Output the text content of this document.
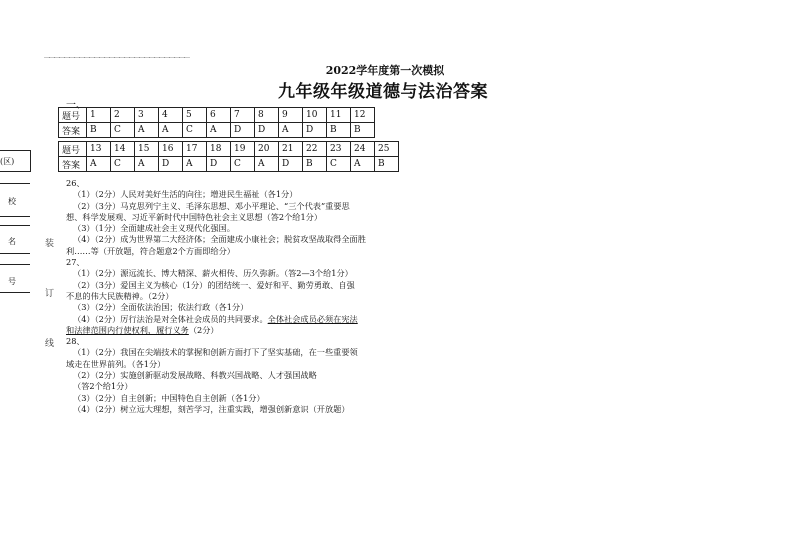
……………………………………………………………………………
装
订
线
(区)
校
名
号
2022学年度第一次模拟
九年级年级道德与法治答案
一、
题号	1	2	3	4	5	6	7	8	9	10	11	12
答案	B	C	A	A	C	A	D	D	A	D	B	B
题号	13	14	15	16	17	18	19	20	21	22	23	24	25
答案	A	C	A	D	A	D	C	A	D	B	C	A	B
26、
（1）（2分）人民对美好生活的向往；增进民生福祉（各1分）
（2）（3分）马克思列宁主义、毛泽东思想、邓小平理论、“三个代表”重要思
想、科学发展观、习近平新时代中国特色社会主义思想（答2个给1分）
（3）（1分）全面建成社会主义现代化强国。
（4）（2分）成为世界第二大经济体；全面建成小康社会；脱贫攻坚战取得全面胜
利……等（开放题，符合题意2个方面即给分）
27、
（1）（2分）源远流长、博大精深、薪火相传、历久弥新。（答2—3个给1分）
（2）（3分）爱国主义为核心（1分）的团结统一、爱好和平、勤劳勇敢、自强
不息的伟大民族精神。（2分）
（3）（2分）全面依法治国；依法行政（各1分）
（4）（2分）厉行法治是对全体社会成员的共同要求。全体社会成员必须在宪法
和法律范围内行使权利，履行义务（2分）
28、
（1）（2分）我国在尖端技术的掌握和创新方面打下了坚实基础，在一些重要领
域走在世界前列。（各1分）
（2）（2分）实施创新驱动发展战略、科教兴国战略、人才强国战略
（答2个给1分）
（3）（2分）自主创新；中国特色自主创新（各1分）
（4）（2分）树立远大理想，刻苦学习，注重实践，增强创新意识（开放题）
